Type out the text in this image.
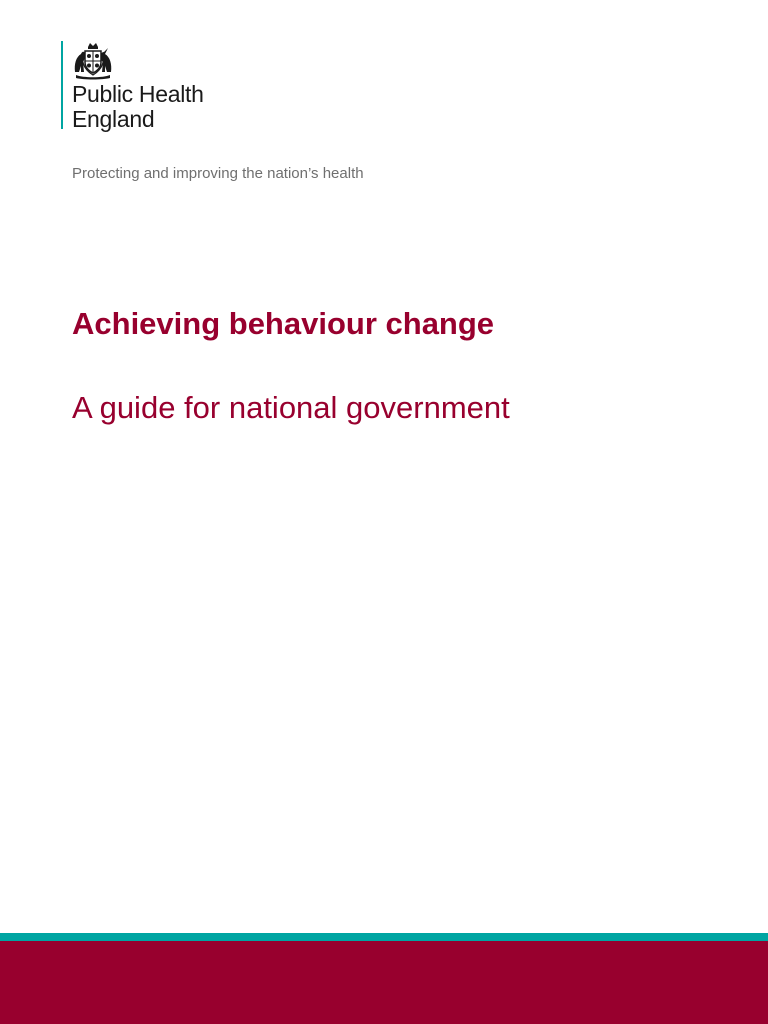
Public Health
England
Protecting and improving the nation’s health
Achieving behaviour change
A guide for national government
